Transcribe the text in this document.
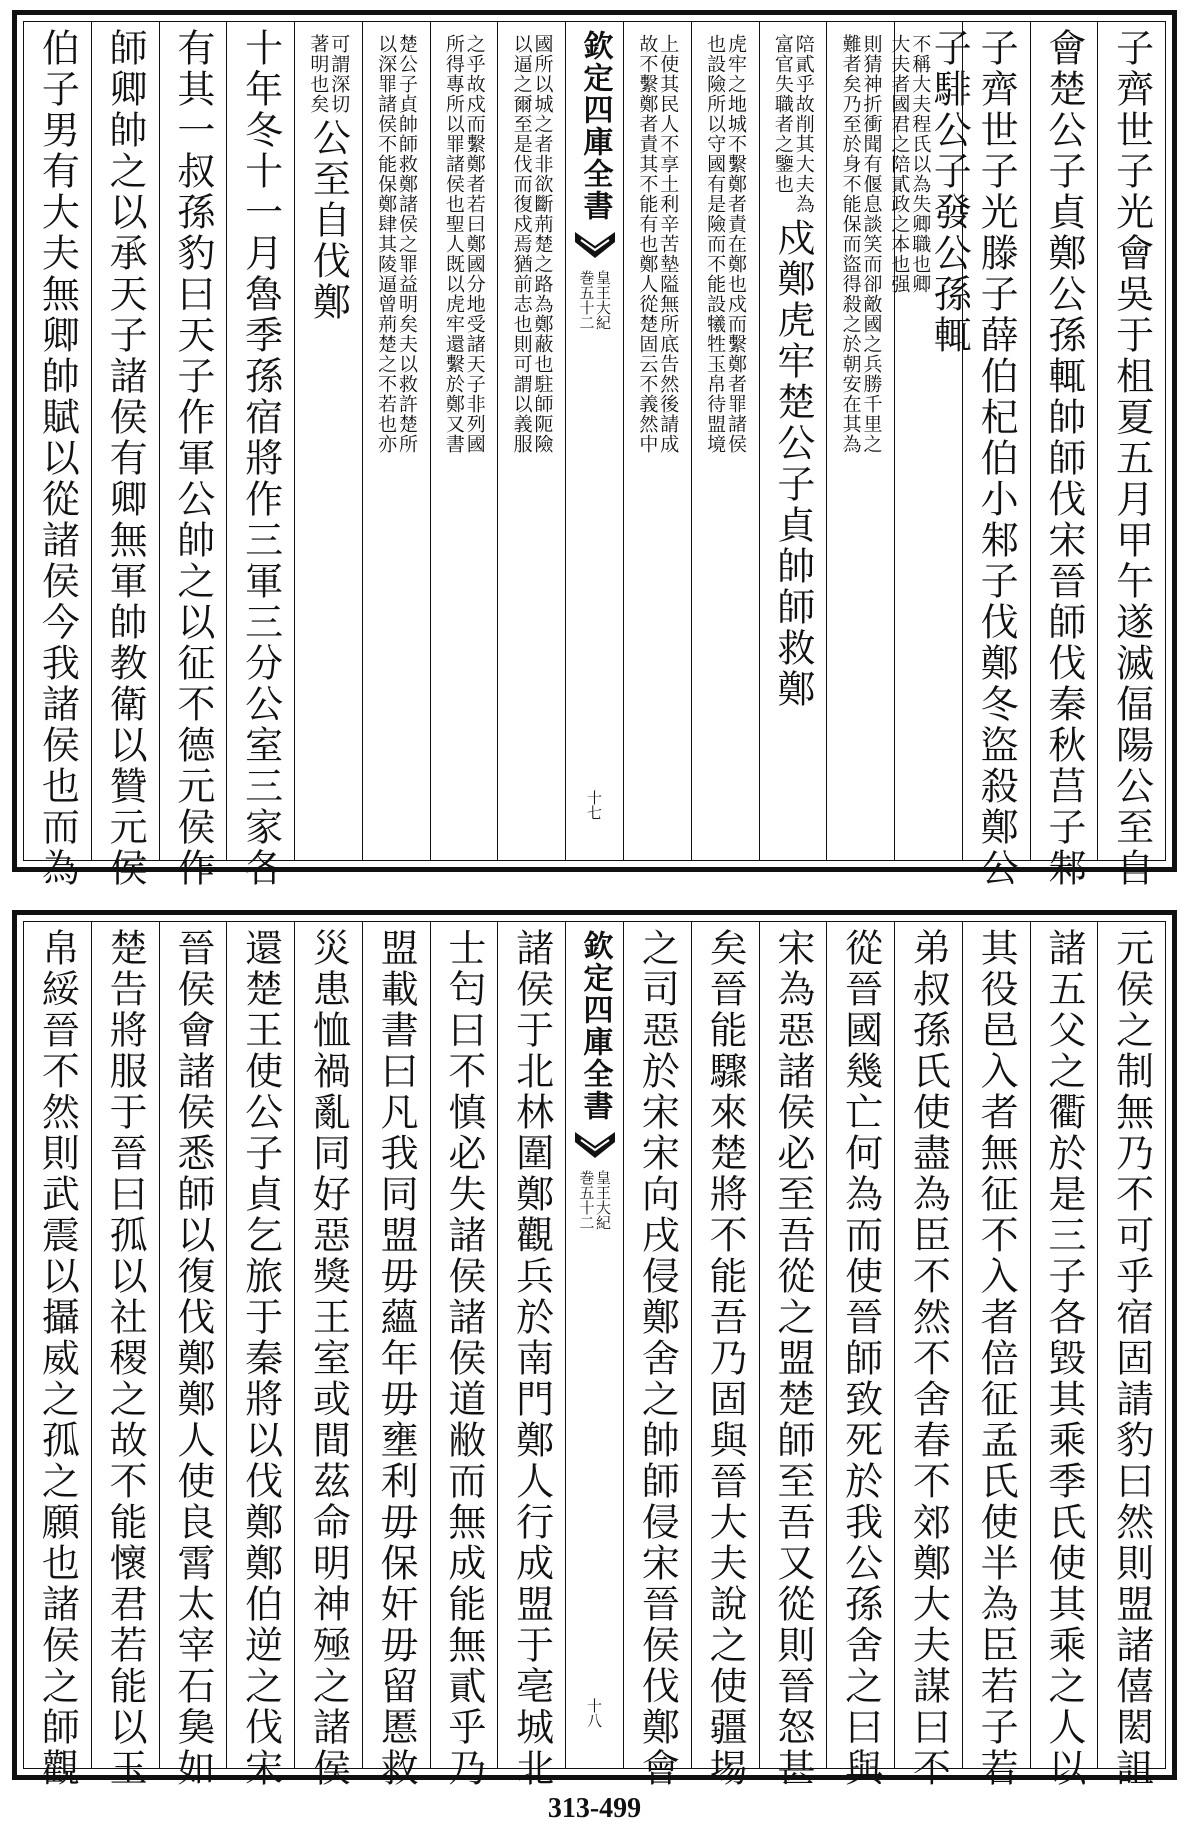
子齊世子光會吳于柤夏五月甲午遂滅偪陽公至自
會楚公子貞鄭公孫輒帥師伐宋晉師伐秦秋莒子邾
子齊世子光滕子薛伯杞伯小邾子伐鄭冬盜殺鄭公
子騑公子發公孫輒
不稱大夫程氏以為失卿職也卿
大夫者國君之陪貳政之本也强
則猜神折衝聞有偃息談笑而卻敵國之兵勝千里之
難者矣乃至於身不能保而盜得殺之於朝安在其為
陪貳乎故削其大夫為
富官失職者之鑒也
戍鄭虎牢楚公子貞帥師救鄭
虎牢之地城不繫鄭者責在鄭也戍而繫鄭者罪諸侯
也設險所以守國有是險而不能設犧牲玉帛待盟境
上使其民人不享土利辛苦墊隘無所底告然後請成
故不繫鄭者責其不能有也鄭人從楚固云不義然中
欽定四庫全書
皇王大紀
巻五十二
十七
國所以城之者非欲斷荊楚之路為鄭蔽也駐師阨險
以逼之爾至是伐而復戍焉猶前志也則可謂以義服
之乎故戍而繫鄭者若曰鄭國分地受諸天子非列國
所得專所以罪諸侯也聖人既以虎牢還繫於鄭又書
楚公子貞帥師救鄭諸侯之罪益明矣夫以救許楚所
以深罪諸侯不能保鄭肆其陵逼曾荊楚之不若也亦
可謂深切
著明也矣
公至自伐鄭
十年冬十一月魯季孫宿將作三軍三分公室三家各
有其一叔孫豹曰天子作軍公帥之以征不德元侯作
師卿帥之以承天子諸侯有卿無軍帥教衛以贊元侯
伯子男有大夫無卿帥賦以從諸侯今我諸侯也而為
元侯之制無乃不可乎宿固請豹曰然則盟諸僖閎詛
諸五父之衢於是三子各毀其乘季氏使其乘之人以
其役邑入者無征不入者倍征孟氏使半為臣若子若
弟叔孫氏使盡為臣不然不舍春不郊鄭大夫謀曰不
從晉國幾亡何為而使晉師致死於我公孫舍之曰與
宋為惡諸侯必至吾從之盟楚師至吾又從則晉怒甚
矣晉能驟來楚將不能吾乃固與晉大夫說之使疆埸
之司惡於宋宋向戌侵鄭舍之帥師侵宋晉侯伐鄭會
欽定四庫全書
皇王大紀
巻五十二
十八
諸侯于北林圍鄭觀兵於南門鄭人行成盟于亳城北
士匄曰不慎必失諸侯諸侯道敝而無成能無貳乎乃
盟載書曰凡我同盟毋蘊年毋壅利毋保奸毋留慝救
災患恤禍亂同好惡獎王室或間茲命明神殛之諸侯
還楚王使公子貞乞旅于秦將以伐鄭鄭伯逆之伐宋
晉侯會諸侯悉師以復伐鄭鄭人使良霄太宰石㚟如
楚告將服于晉曰孤以社稷之故不能懷君若能以玉
帛綏晉不然則武震以攝威之孤之願也諸侯之師觀
313-499
